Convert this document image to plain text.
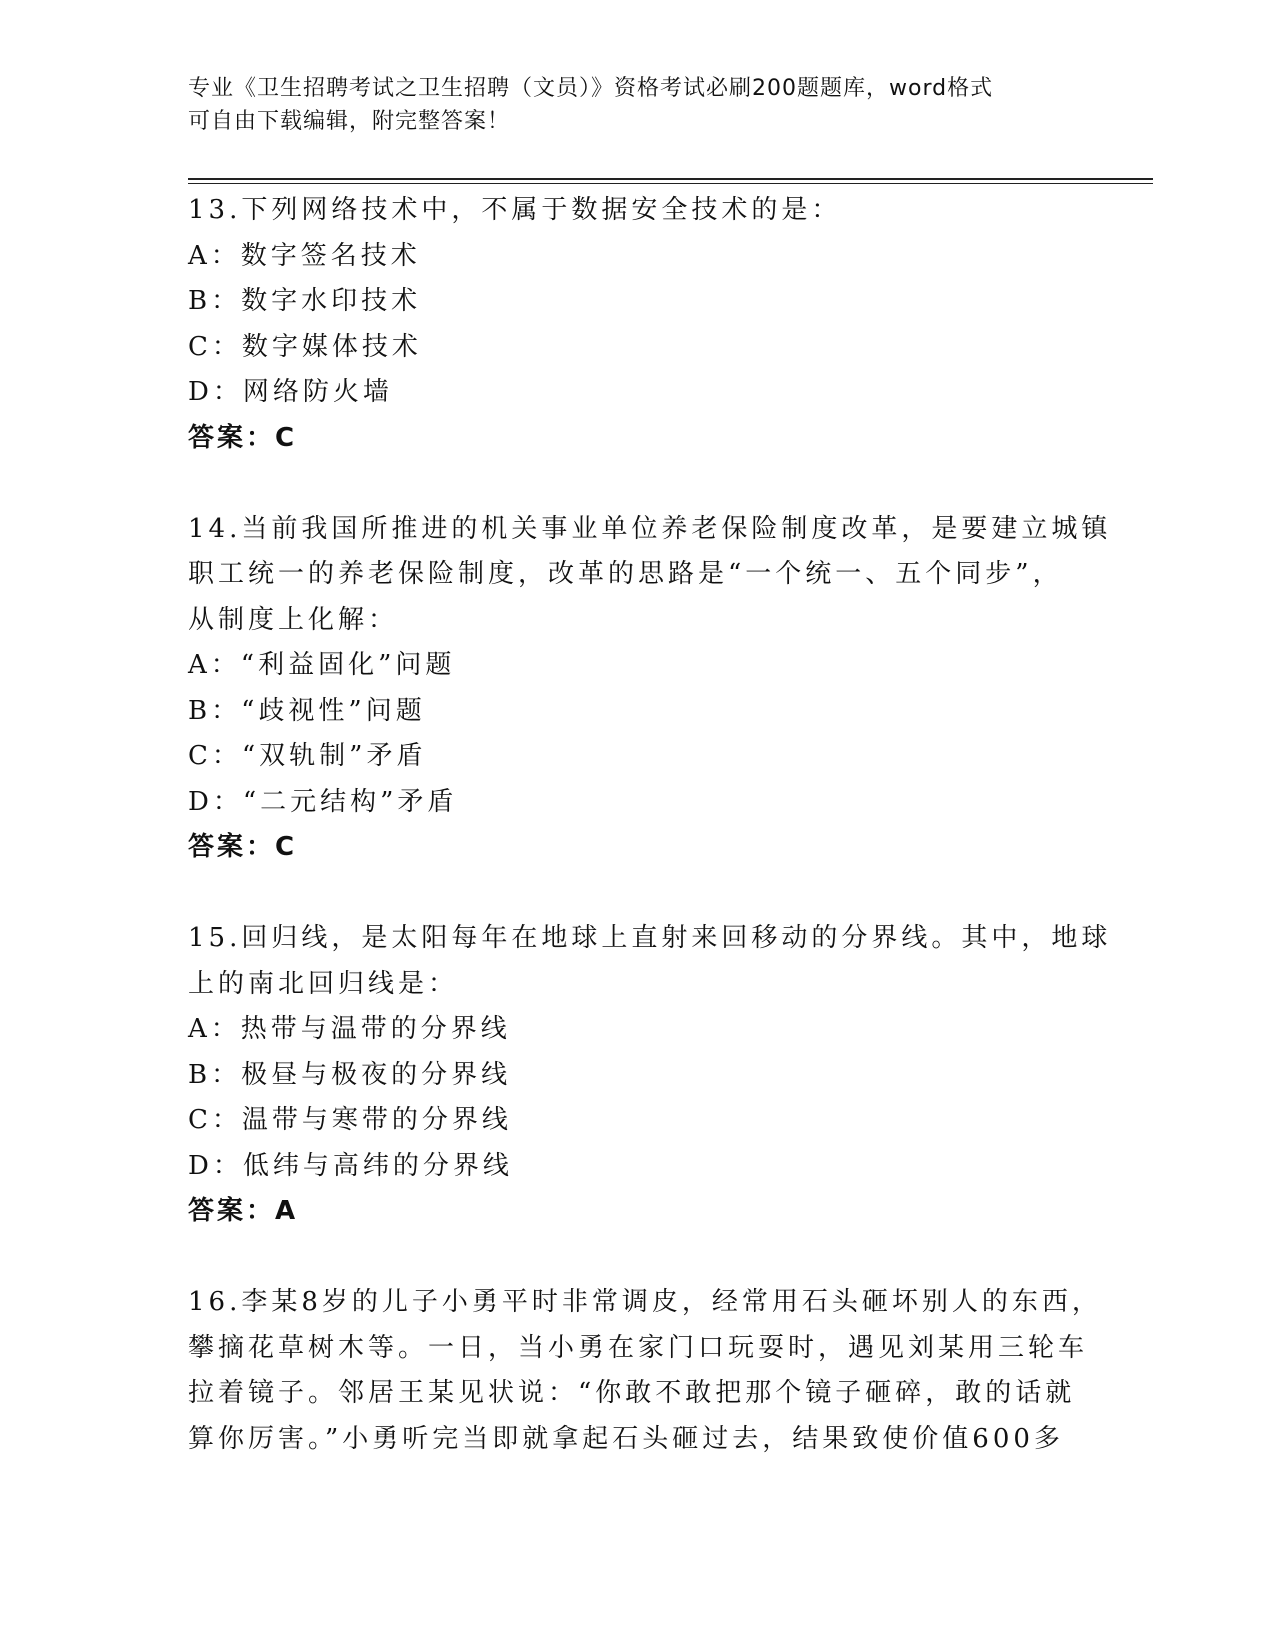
专业《卫生招聘考试之卫生招聘（文员）》资格考试必刷200题题库，word格式
可自由下载编辑，附完整答案！
13.下列网络技术中，不属于数据安全技术的是：
A：数字签名技术
B：数字水印技术
C：数字媒体技术
D：网络防火墙
答案：C
14.当前我国所推进的机关事业单位养老保险制度改革，是要建立城镇
职工统一的养老保险制度，改革的思路是“一个统一、五个同步”，
从制度上化解：
A：“利益固化”问题
B：“歧视性”问题
C：“双轨制”矛盾
D：“二元结构”矛盾
答案：C
15.回归线，是太阳每年在地球上直射来回移动的分界线。其中，地球
上的南北回归线是：
A：热带与温带的分界线
B：极昼与极夜的分界线
C：温带与寒带的分界线
D：低纬与高纬的分界线
答案：A
16.李某8岁的儿子小勇平时非常调皮，经常用石头砸坏别人的东西，
攀摘花草树木等。一日，当小勇在家门口玩耍时，遇见刘某用三轮车
拉着镜子。邻居王某见状说：“你敢不敢把那个镜子砸碎，敢的话就
算你厉害。”小勇听完当即就拿起石头砸过去，结果致使价值600多
